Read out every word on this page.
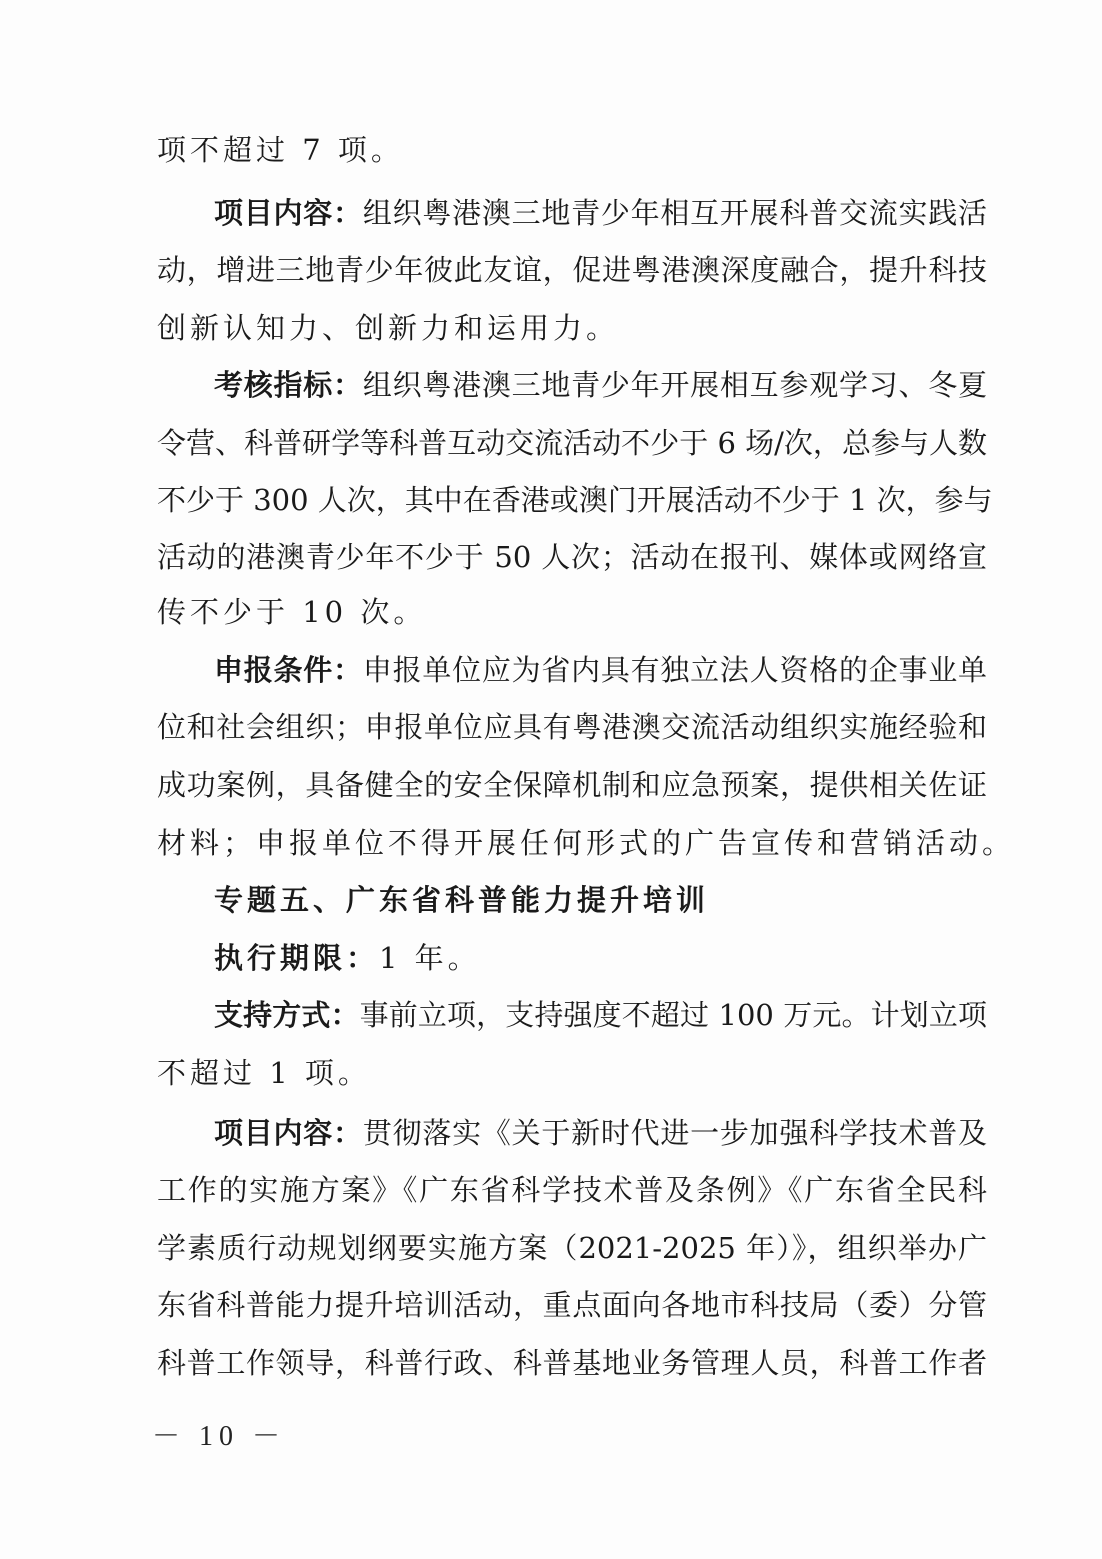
项不超过 7 项。
项目内容：组织粤港澳三地青少年相互开展科普交流实践活
动，增进三地青少年彼此友谊，促进粤港澳深度融合，提升科技
创新认知力、创新力和运用力。
考核指标：组织粤港澳三地青少年开展相互参观学习、冬夏
令营、科普研学等科普互动交流活动不少于 6 场/次，总参与人数
不少于 300 人次，其中在香港或澳门开展活动不少于 1 次，参与
活动的港澳青少年不少于 50 人次；活动在报刊、媒体或网络宣
传不少于 10 次。
申报条件：申报单位应为省内具有独立法人资格的企事业单
位和社会组织；申报单位应具有粤港澳交流活动组织实施经验和
成功案例，具备健全的安全保障机制和应急预案，提供相关佐证
材料；申报单位不得开展任何形式的广告宣传和营销活动。
专题五、广东省科普能力提升培训
执行期限：1 年。
支持方式：事前立项，支持强度不超过 100 万元。计划立项
不超过 1 项。
项目内容：贯彻落实《关于新时代进一步加强科学技术普及
工作的实施方案》《广东省科学技术普及条例》《广东省全民科
学素质行动规划纲要实施方案（2021-2025 年）》，组织举办广
东省科普能力提升培训活动，重点面向各地市科技局（委）分管
科普工作领导，科普行政、科普基地业务管理人员，科普工作者
－ 10 －
